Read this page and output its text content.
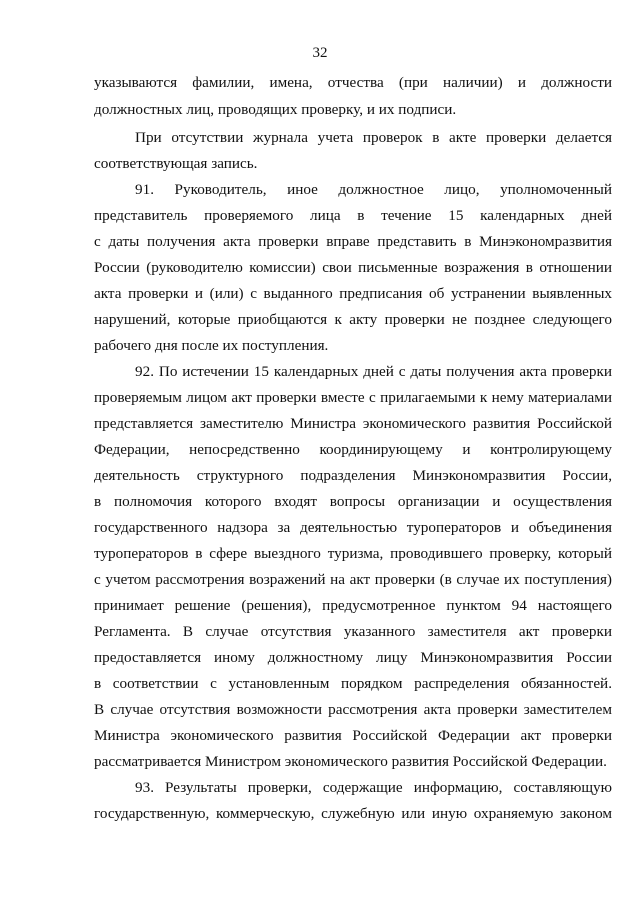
32
указываются фамилии, имена, отчества (при наличии) и должности
должностных лиц, проводящих проверку, и их подписи.
При отсутствии журнала учета проверок в акте проверки делается
соответствующая запись.
91. Руководитель, иное должностное лицо, уполномоченный
представитель проверяемого лица в течение 15 календарных дней
с даты получения акта проверки вправе представить в Минэкономразвития
России (руководителю комиссии) свои письменные возражения в отношении
акта проверки и (или) с выданного предписания об устранении выявленных
нарушений, которые приобщаются к акту проверки не позднее следующего
рабочего дня после их поступления.
92. По истечении 15 календарных дней с даты получения акта проверки
проверяемым лицом акт проверки вместе с прилагаемыми к нему материалами
представляется заместителю Министра экономического развития Российской
Федерации, непосредственно координирующему и контролирующему
деятельность структурного подразделения Минэкономразвития России,
в полномочия которого входят вопросы организации и осуществления
государственного надзора за деятельностью туроператоров и объединения
туроператоров в сфере выездного туризма, проводившего проверку, который
с учетом рассмотрения возражений на акт проверки (в случае их поступления)
принимает решение (решения), предусмотренное пунктом 94 настоящего
Регламента. В случае отсутствия указанного заместителя акт проверки
предоставляется иному должностному лицу Минэкономразвития России
в соответствии с установленным порядком распределения обязанностей.
В случае отсутствия возможности рассмотрения акта проверки заместителем
Министра экономического развития Российской Федерации акт проверки
рассматривается Министром экономического развития Российской Федерации.
93. Результаты проверки, содержащие информацию, составляющую
государственную, коммерческую, служебную или иную охраняемую законом
